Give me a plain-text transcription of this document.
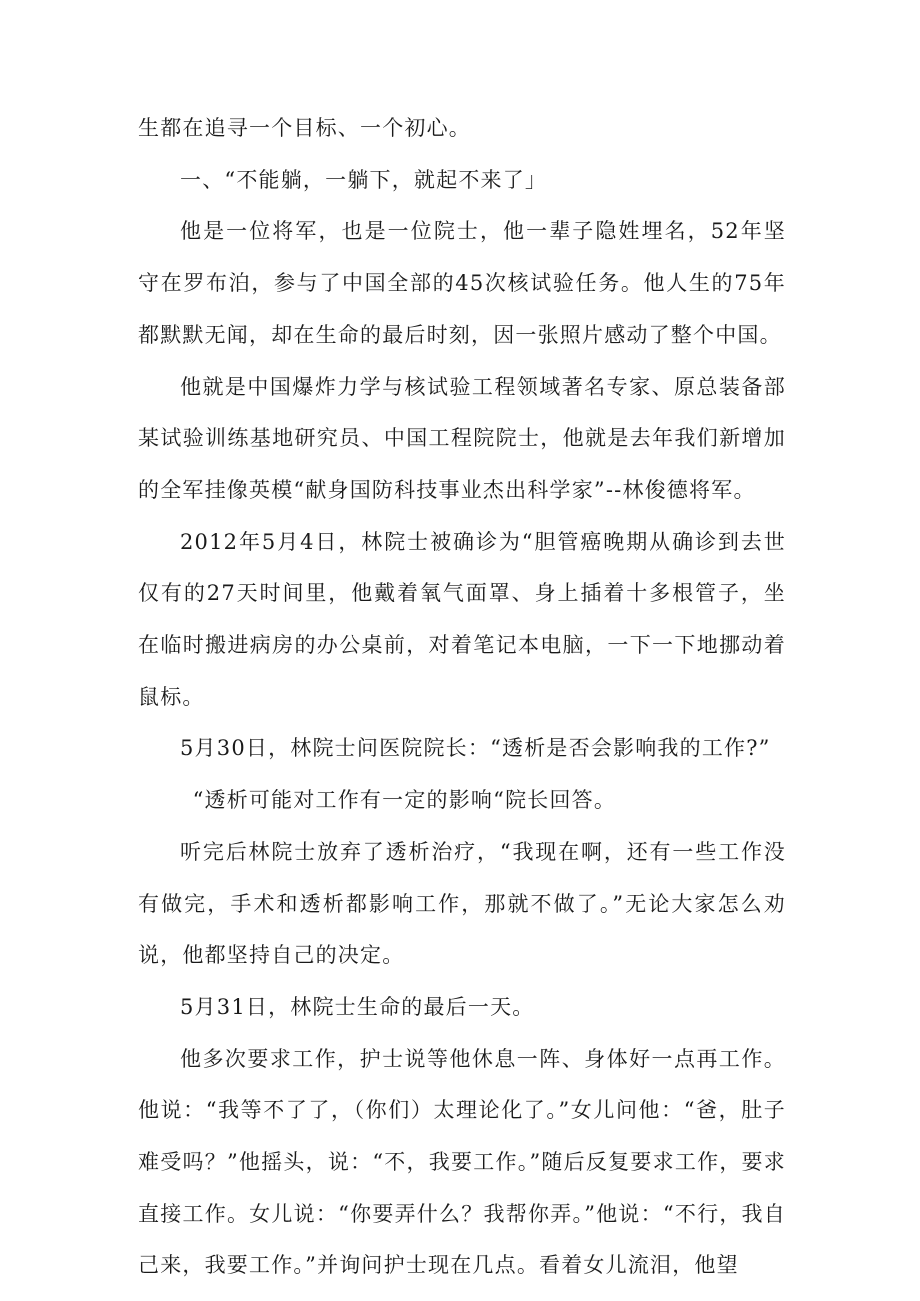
生都在追寻一个目标、一个初心。

一、“不能躺，一躺下，就起不来了」

他是一位将军，也是一位院士，他一辈子隐姓埋名，52年坚守在罗布泊，参与了中国全部的45次核试验任务。他人生的75年都默默无闻，却在生命的最后时刻，因一张照片感动了整个中国。

他就是中国爆炸力学与核试验工程领域著名专家、原总装备部某试验训练基地研究员、中国工程院院士，他就是去年我们新增加的全军挂像英模“献身国防科技事业杰出科学家”--林俊德将军。

2012年5月4日，林院士被确诊为“胆管癌晚期从确诊到去世仅有的27天时间里，他戴着氧气面罩、身上插着十多根管子，坐在临时搬进病房的办公桌前，对着笔记本电脑，一下一下地挪动着鼠标。

5月30日，林院士问医院院长：“透析是否会影响我的工作?”

“透析可能对工作有一定的影响“院长回答。

听完后林院士放弃了透析治疗，“我现在啊，还有一些工作没有做完，手术和透析都影响工作，那就不做了。”无论大家怎么劝说，他都坚持自己的决定。

5月31日，林院士生命的最后一天。

他多次要求工作，护士说等他休息一阵、身体好一点再工作。他说：“我等不了了，（你们）太理论化了。”女儿问他：“爸，肚子难受吗？”他摇头，说：“不，我要工作。”随后反复要求工作，要求直接工作。女儿说：“你要弄什么？我帮你弄。”他说：“不行，我自己来，我要工作。”并询问护士现在几点。看着女儿流泪，他望
